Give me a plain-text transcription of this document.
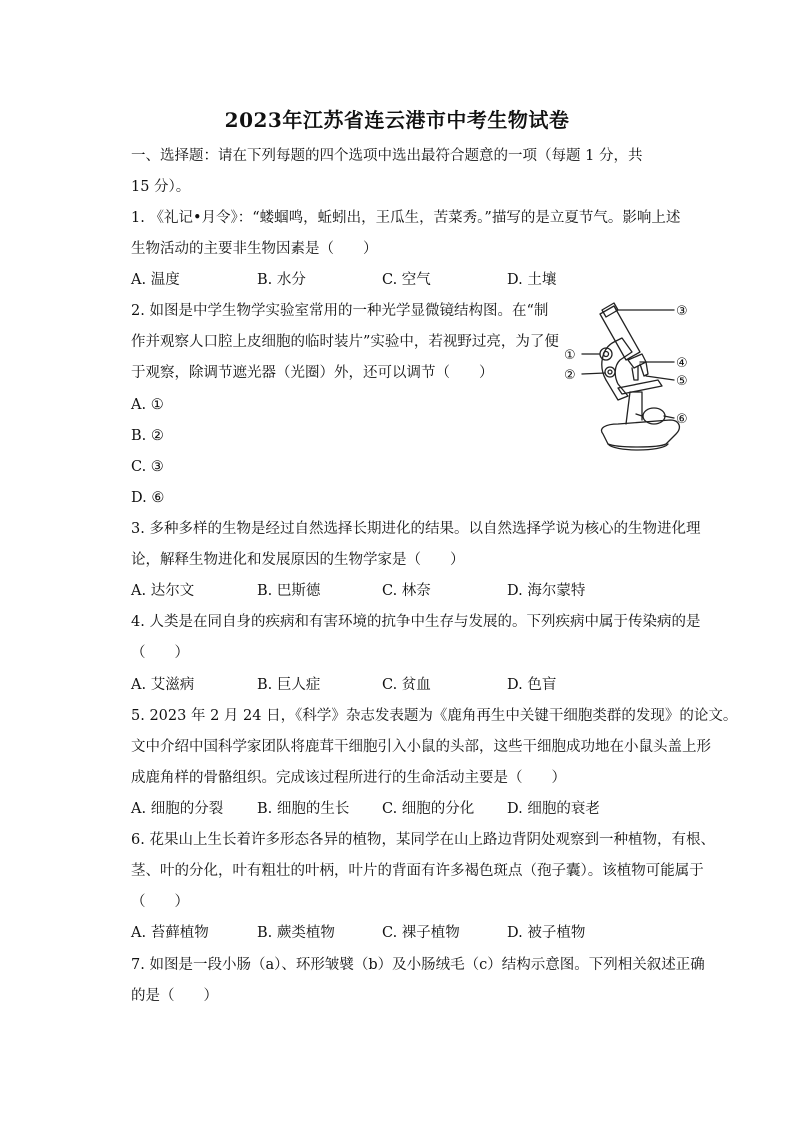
2023年江苏省连云港市中考生物试卷
一、选择题：请在下列每题的四个选项中选出最符合题意的一项（每题 1 分，共
15 分）。
1. 《礼记•月令》：“蝼蝈鸣，蚯蚓出，王瓜生，苦菜秀。”描写的是立夏节气。影响上述
生物活动的主要非生物因素是（　　）
A. 温度	B. 水分	C. 空气	D. 土壤
2. 如图是中学生物学实验室常用的一种光学显微镜结构图。在“制
作并观察人口腔上皮细胞的临时装片”实验中，若视野过亮，为了便
于观察，除调节遮光器（光圈）外，还可以调节（　　）
A. ①
B. ②
C. ③
D. ⑥
③
①
②
④
⑤
⑥
3. 多种多样的生物是经过自然选择长期进化的结果。以自然选择学说为核心的生物进化理
论，解释生物进化和发展原因的生物学家是（　　）
A. 达尔文	B. 巴斯德	C. 林奈	D. 海尔蒙特
4. 人类是在同自身的疾病和有害环境的抗争中生存与发展的。下列疾病中属于传染病的是
（　　）
A. 艾滋病	B. 巨人症	C. 贫血	D. 色盲
5. 2023 年 2 月 24 日，《科学》杂志发表题为《鹿角再生中关键干细胞类群的发现》的论文。
文中介绍中国科学家团队将鹿茸干细胞引入小鼠的头部，这些干细胞成功地在小鼠头盖上形
成鹿角样的骨骼组织。完成该过程所进行的生命活动主要是（　　）
A. 细胞的分裂 B. 细胞的生长 C. 细胞的分化 D. 细胞的衰老
6. 花果山上生长着许多形态各异的植物，某同学在山上路边背阴处观察到一种植物，有根、
茎、叶的分化，叶有粗壮的叶柄，叶片的背面有许多褐色斑点（孢子囊）。该植物可能属于
（　　）
A. 苔藓植物	B. 蕨类植物	C. 裸子植物	D. 被子植物
7. 如图是一段小肠（a）、环形皱襞（b）及小肠绒毛（c）结构示意图。下列相关叙述正确
的是（　　）
